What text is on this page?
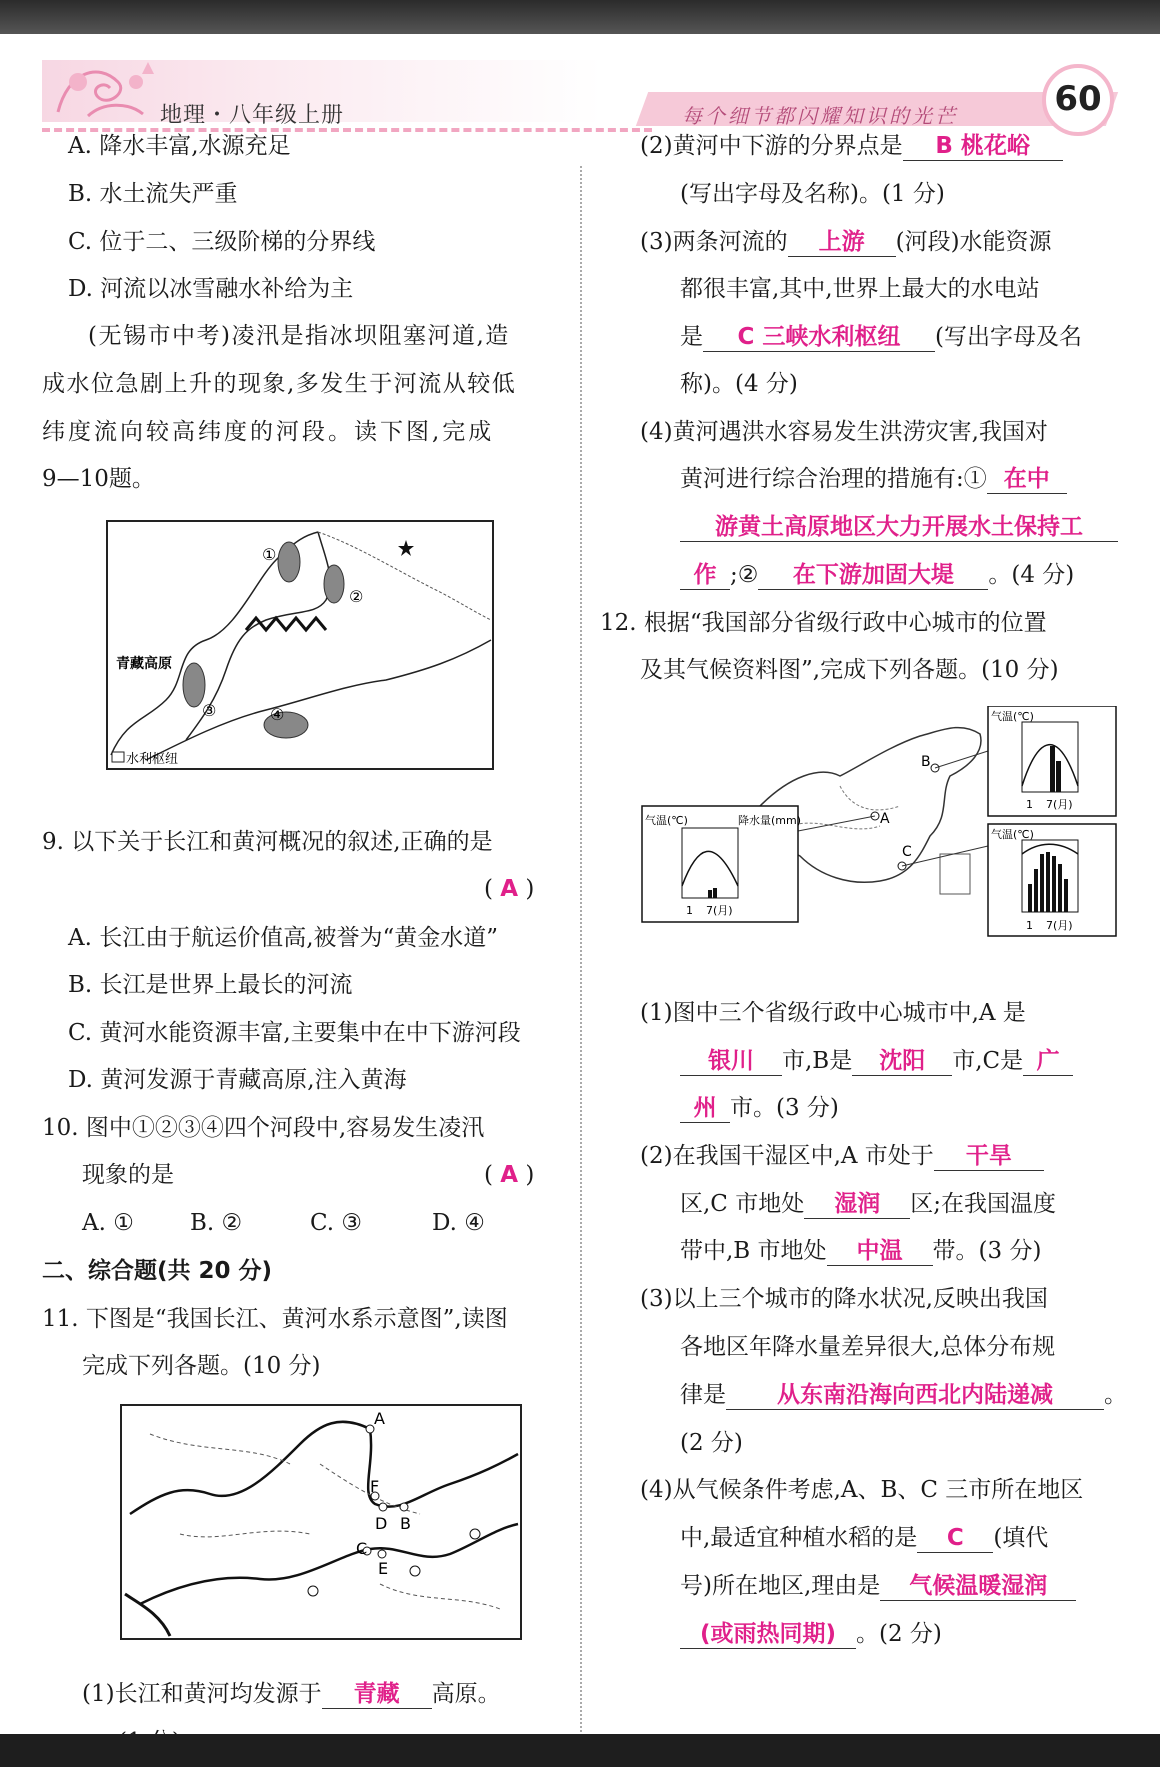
地理・八年级上册	每个细节都闪耀知识的光芒	60
A. 降水丰富,水源充足
B. 水土流失严重
C. 位于二、三级阶梯的分界线
D. 河流以冰雪融水补给为主
(无锡市中考)凌汛是指冰坝阻塞河道,造
成水位急剧上升的现象,多发生于河流从较低
纬度流向较高纬度的河段。读下图,完成
9—10题。
①
②
③	④
青藏高原
水利枢纽
9. 以下关于长江和黄河概况的叙述,正确的是
( A )
A. 长江由于航运价值高,被誉为“黄金水道”
B. 长江是世界上最长的河流
C. 黄河水能资源丰富,主要集中在中下游河段
D. 黄河发源于青藏高原,注入黄海
10. 图中①②③④四个河段中,容易发生凌汛
现象的是	( A )
A. ① B. ②	C. ③	D. ④
二、综合题(共 20 分)
11. 下图是“我国长江、黄河水系示意图”,读图
完成下列各题。(10 分)
A
B
C
D
E
F
(1)长江和黄河均发源于 青藏 高原。
(2)黄河中下游的分界点是 B 桃花峪
(写出字母及名称)。(1 分)
(3)两条河流的 上游 (河段)水能资源
都很丰富,其中,世界上最大的水电站
是 C 三峡水利枢纽 (写出字母及名
称)。(4 分)
(4)黄河遇洪水容易发生洪涝灾害,我国对
黄河进行综合治理的措施有:① 在中
游黄土高原地区大力开展水土保持工
作 ;② 在下游加固大堤 。(4 分)
12. 根据“我国部分省级行政中心城市的位置
及其气候资料图”,完成下列各题。(10 分)
A
B
C
气温(℃)	降水量(mm)
1 7(月)
气温(℃)
1 7(月)
气温(℃)
1 7(月)
(1)图中三个省级行政中心城市中,A 是
银川 市,B是 沈阳 市,C是 广
州 市。(3 分)
(2)在我国干湿区中,A 市处于 干旱
区,C 市地处 湿润 区;在我国温度
带中,B 市地处 中温 带。(3 分)
(3)以上三个城市的降水状况,反映出我国
各地区年降水量差异很大,总体分布规
律是 从东南沿海向西北内陆递减 。
(2 分)
(4)从气候条件考虑,A、B、C 三市所在地区
中,最适宜种植水稻的是 C (填代
号)所在地区,理由是 气候温暖湿润
(或雨热同期) 。(2 分)
